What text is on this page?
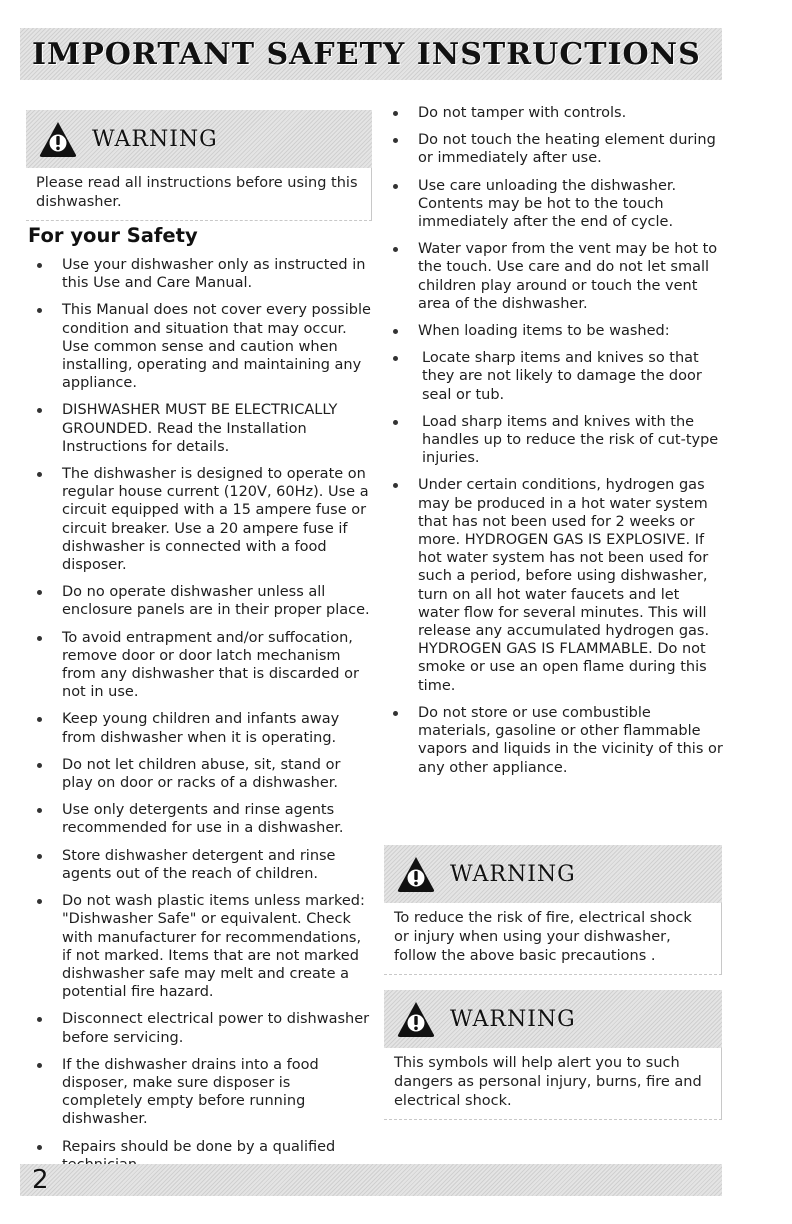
IMPORTANT SAFETY INSTRUCTIONS
WARNING
Please read all instructions before using this dishwasher.
For your Safety
Use your dishwasher only as instructed in this Use and Care Manual.
This Manual does not cover every possible condition and situation that may occur. Use common sense and caution when installing, operating and maintaining any appliance.
DISHWASHER MUST BE ELECTRICALLY GROUNDED. Read the Installation Instructions for details.
The dishwasher is designed to operate on regular house current (120V, 60Hz). Use a circuit equipped with a 15 ampere fuse or circuit breaker. Use a 20 ampere fuse if dishwasher is connected with a food disposer.
Do no operate dishwasher unless all enclosure panels are in their proper place.
To avoid entrapment and/or suffocation, remove door or door latch mechanism from any dishwasher that is discarded or not in use.
Keep young children and infants away from dishwasher when it is operating.
Do not let children abuse, sit, stand or play on door or racks of a dishwasher.
Use only detergents and rinse agents recommended for use in a dishwasher.
Store dishwasher detergent and rinse agents out of the reach of children.
Do not wash plastic items unless marked: "Dishwasher Safe" or equivalent. Check with manufacturer for recommendations, if not marked. Items that are not marked dishwasher safe may melt and create a potential fire hazard.
Disconnect electrical power to dishwasher before servicing.
If the dishwasher drains into a food disposer, make sure disposer is completely empty before running dishwasher.
Repairs should be done by a qualified
Do not tamper with controls.
Do not touch the heating element during or immediately after use.
Use care unloading the dishwasher. Contents may be hot to the touch immediately after the end of cycle.
Water vapor from the vent may be hot to the touch. Use care and do not let small children play around or touch the vent area of the dishwasher.
When loading items to be washed:
Locate sharp items and knives so that they are not likely to damage the door seal or tub.
Load sharp items and knives with the handles up to reduce the risk of cut-type injuries.
Under certain conditions, hydrogen gas may be produced in a hot water system that has not been used for 2 weeks or more. HYDROGEN GAS IS EXPLOSIVE. If hot water system has not been used for such a period, before using dishwasher, turn on all hot water faucets and let water flow for several minutes. This will release any accumulated hydrogen gas. HYDROGEN GAS IS FLAMMABLE. Do not smoke or use an open flame during this time.
Do not store or use combustible materials, gasoline or other flammable vapors and liquids in the vicinity of this or any other appliance.
WARNING
To reduce the risk of fire, electrical shock or injury when using your dishwasher, follow the above basic precautions .
WARNING
This symbols will help alert you to such dangers as personal injury, burns, fire and electrical shock.
2
